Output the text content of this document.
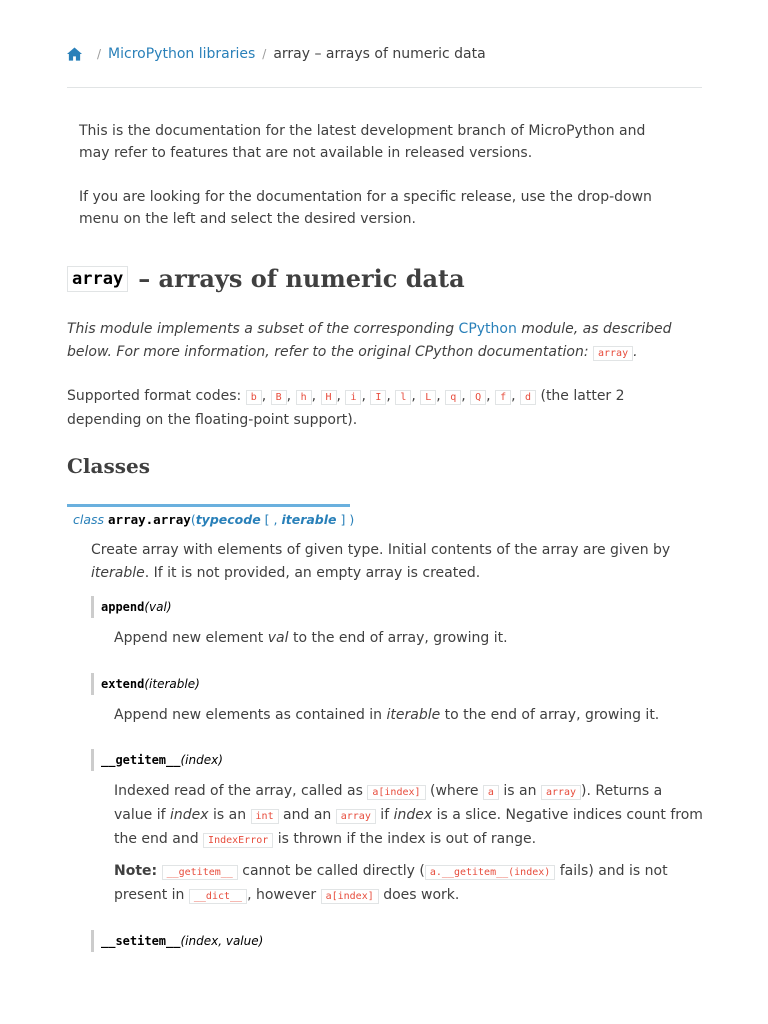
/ MicroPython libraries / array – arrays of numeric data

This is the documentation for the latest development branch of MicroPython and may refer to features that are not available in released versions.

If you are looking for the documentation for a specific release, use the drop-down menu on the left and select the desired version.

array – arrays of numeric data

This module implements a subset of the corresponding CPython module, as described below. For more information, refer to the original CPython documentation: array .

Supported format codes: b , B , h , H , i , I , l , L , q , Q , f , d (the latter 2 depending on the floating-point support).

Classes
class array.array(typecode [ , iterable ] )

Create array with elements of given type. Initial contents of the array are given by iterable. If it is not provided, an empty array is created.

append(val)

Append new element val to the end of array, growing it.

extend(iterable)

Append new elements as contained in iterable to the end of array, growing it.

__getitem__(index)

Indexed read of the array, called as a[index] (where a is an array ). Returns a value if index is an int and an array if index is a slice. Negative indices count from the end and IndexError is thrown if the index is out of range.

Note: __getitem__ cannot be called directly ( a.__getitem__(index) fails) and is not present in __dict__ , however a[index] does work.

__setitem__(index, value)
